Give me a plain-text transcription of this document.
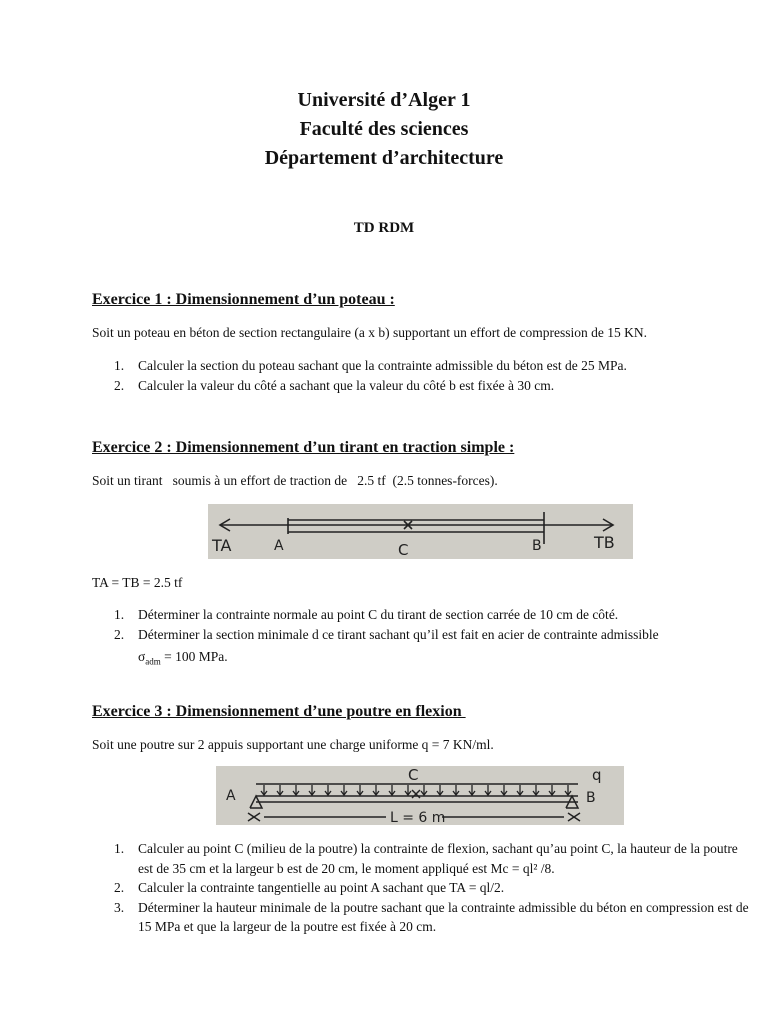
Université d’Alger 1
Faculté des sciences
Département d’architecture
TD RDM
Exercice 1 : Dimensionnement d’un poteau :
Soit un poteau en béton de section rectangulaire (a x b) supportant un effort de compression de 15 KN.
1. Calculer la section du poteau sachant que la contrainte admissible du béton est de 25 MPa.
2. Calculer la valeur du côté a sachant que la valeur du côté b est fixée à 30 cm.
Exercice 2 : Dimensionnement d’un tirant en traction simple :
Soit un tirant   soumis à un effort de traction de   2.5 tf  (2.5 tonnes-forces).
TA	A	C	B	TB
TA = TB = 2.5 tf
1. Déterminer la contrainte normale au point C du tirant de section carrée de 10 cm de côté.
2. Déterminer la section minimale d ce tirant sachant qu’il est fait en acier de contrainte admissible
$\sigma_{adm} = 100$ MPa.
Exercice 3 : Dimensionnement d’une poutre en flexion
Soit une poutre sur 2 appuis supportant une charge uniforme q = 7 KN/ml.
A
C
B
q
L = 6 m
1. Calculer au point C (milieu de la poutre) la contrainte de flexion, sachant qu’au point C, la hauteur de la poutre est de 35 cm et la largeur b est de 20 cm, le moment appliqué est Mc = ql² /8.
2. Calculer la contrainte tangentielle au point A sachant que TA = ql/2.
3. Déterminer la hauteur minimale de la poutre sachant que la contrainte admissible du béton en compression est de 15 MPa et que la largeur de la poutre est fixée à 20 cm.
